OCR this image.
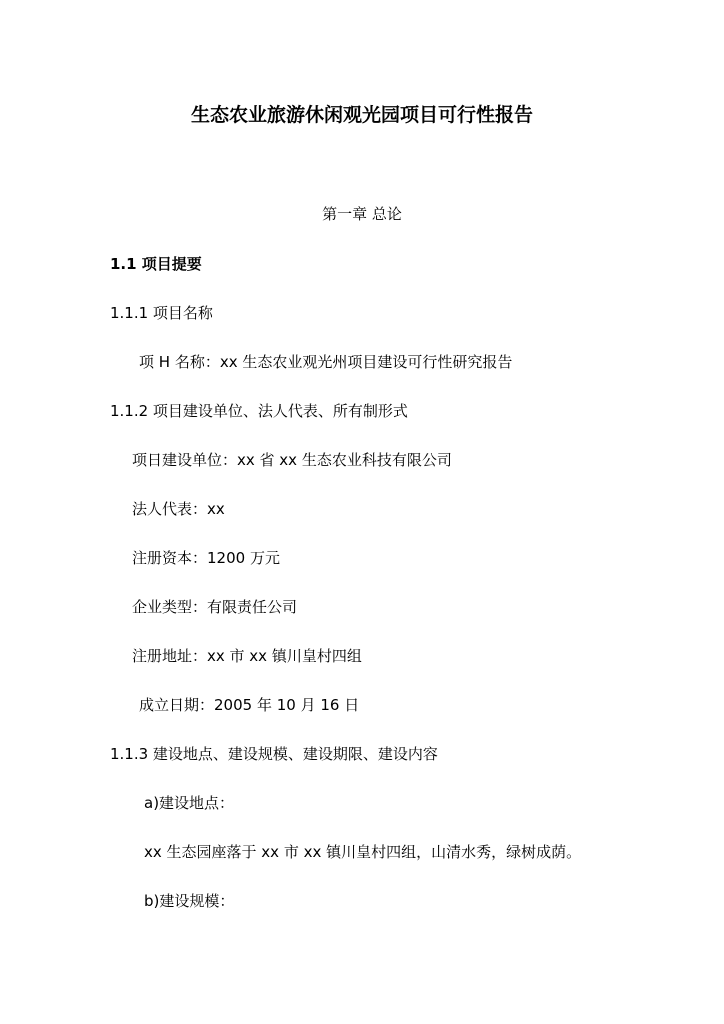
生态农业旅游休闲观光园项目可行性报告
第一章 总论
1.1 项目提要
1.1.1 项目名称
项 H 名称：xx 生态农业观光州项目建设可行性研究报告
1.1.2 项目建设单位、法人代表、所有制形式
项日建设单位：xx 省 xx 生态农业科技有限公司
法人代表：xx
注册资本：1200 万元
企业类型：有限责任公司
注册地址：xx 市 xx 镇川皇村四组
成立日期：2005 年 10 月 16 日
1.1.3 建设地点、建设规模、建设期限、建设内容
a)建设地点：
xx 生态园座落于 xx 市 xx 镇川皇村四组，山清水秀，绿树成荫。
b)建设规模：
